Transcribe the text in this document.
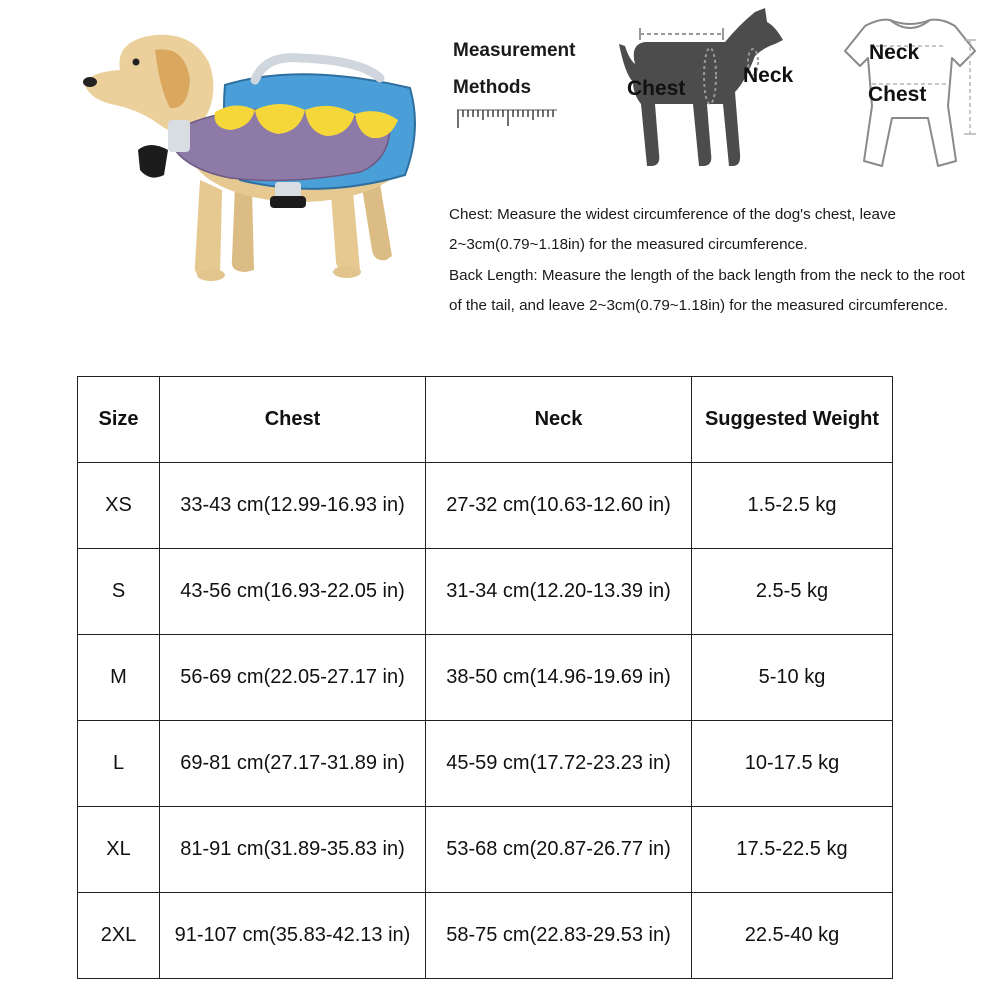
Measurement
Methods	Chest
Neck
Neck
Chest

Chest: Measure the widest circumference of the dog's chest, leave 2~3cm(0.79~1.18in) for the measured circumference.

Back Length: Measure the length of the back length from the neck to the root of the tail, and leave 2~3cm(0.79~1.18in) for the measured circumference.

Size	Chest	Neck	Suggested Weight
XS	33-43 cm(12.99-16.93 in)	27-32 cm(10.63-12.60 in)	1.5-2.5 kg
S	43-56 cm(16.93-22.05 in)	31-34 cm(12.20-13.39 in)	2.5-5 kg
M	56-69 cm(22.05-27.17 in)	38-50 cm(14.96-19.69 in)	5-10 kg
L	69-81 cm(27.17-31.89 in)	45-59 cm(17.72-23.23 in)	10-17.5 kg
XL	81-91 cm(31.89-35.83 in)	53-68 cm(20.87-26.77 in)	17.5-22.5 kg
2XL	91-107 cm(35.83-42.13 in)	58-75 cm(22.83-29.53 in)	22.5-40 kg
